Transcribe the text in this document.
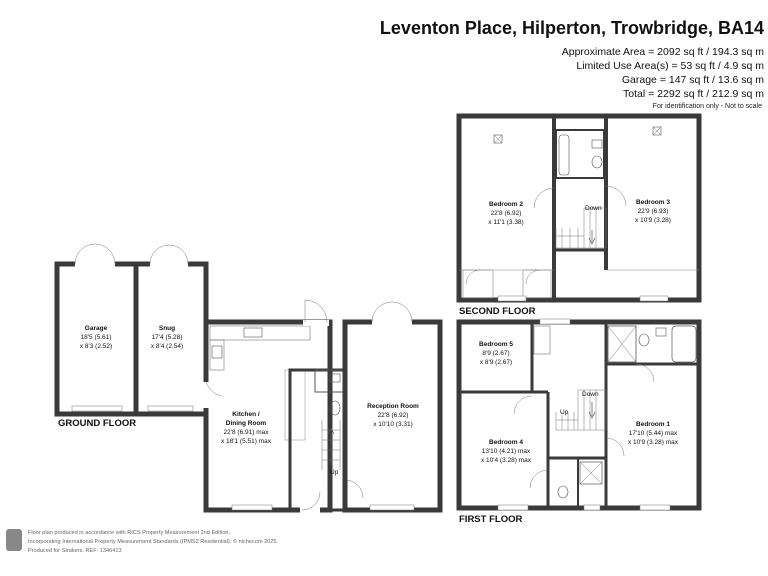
Leventon Place, Hilperton, Trowbridge, BA14
Approximate Area = 2092 sq ft / 194.3 sq m
Limited Use Area(s) = 53 sq ft / 4.9 sq m
Garage = 147 sq ft / 13.6 sq m
Total = 2292 sq ft / 212.9 sq m
For identification only - Not to scale
Garage
18'5 (5.61)
x 8'3 (2.52)
Snug
17'4 (5.28)
x 8'4 (2.54)
Kitchen /
Dining Room
22'8 (6.91) max
x 18'1 (5.51) max
Reception Room
22'8 (6.92)
x 10'10 (3.31)
Bedroom 2
22'8 (6.92)
x 11'1 (3.38)
Bedroom 3
22'9 (6.93)
x 10'9 (3.28)
Bedroom 5
8'9 (2.67)
x 8'9 (2.67)
Bedroom 4
13'10 (4.21) max
x 10'4 (3.28) max
Bedroom 1
17'10 (5.44) max
x 10'9 (3.28) max
Up
Down
Up
Down
GROUND FLOOR
FIRST FLOOR
SECOND FLOOR
Floor plan produced in accordance with RICS Property Measurement 2nd Edition,
Incorporating International Property Measurement Standards (IPMS2 Residential). © nichecom 2025.
Produced for Strakers. REF: 1346413
